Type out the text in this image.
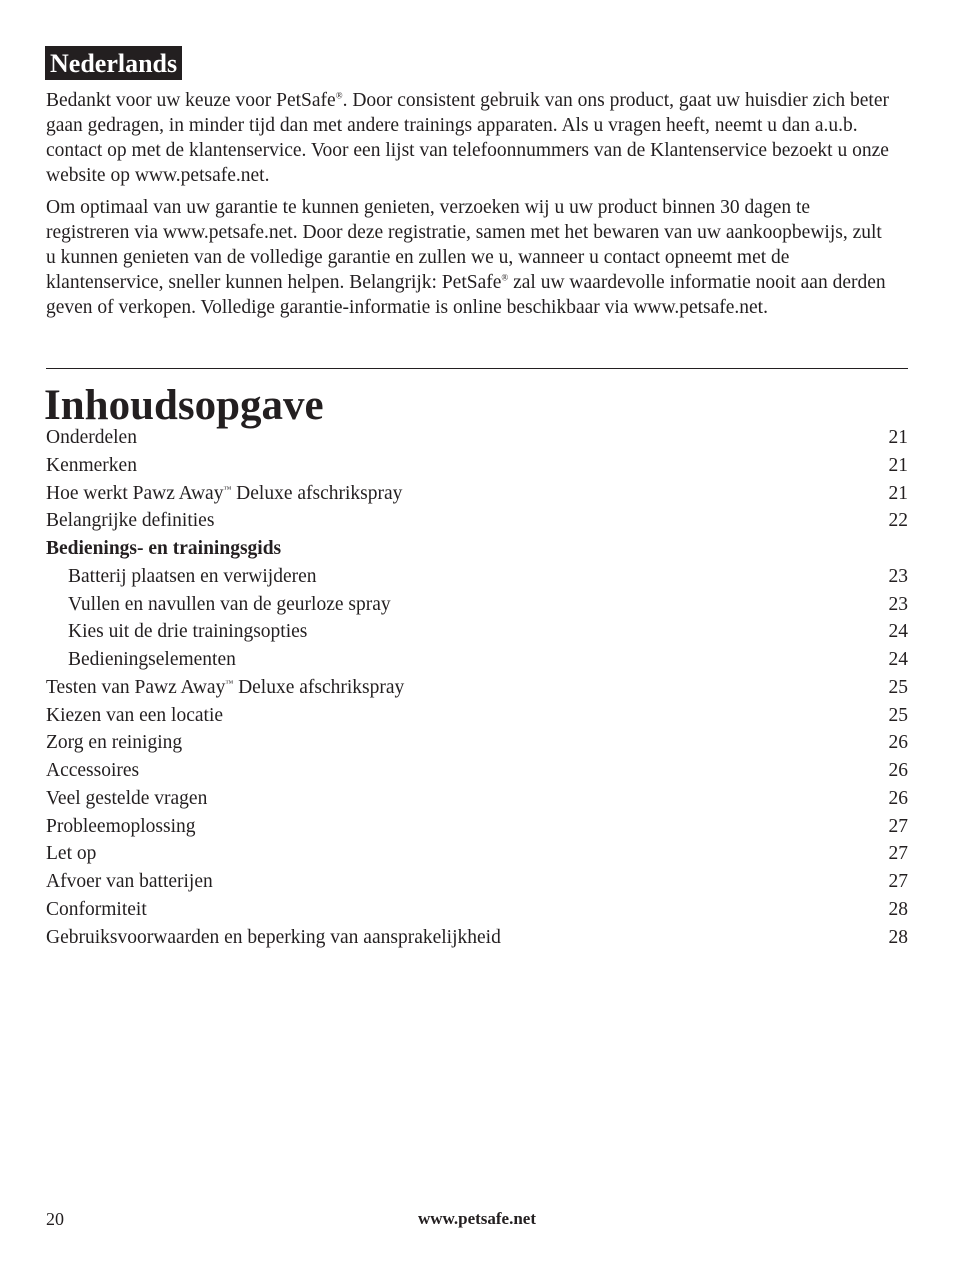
Nederlands

Bedankt voor uw keuze voor PetSafe®. Door consistent gebruik van ons product, gaat uw huisdier zich beter gaan gedragen, in minder tijd dan met andere trainings apparaten. Als u vragen heeft, neemt u dan a.u.b. contact op met de klantenservice. Voor een lijst van telefoonnummers van de Klantenservice bezoekt u onze website op www.petsafe.net.

Om optimaal van uw garantie te kunnen genieten, verzoeken wij u uw product binnen 30 dagen te registreren via www.petsafe.net. Door deze registratie, samen met het bewaren van uw aankoopbewijs, zult u kunnen genieten van de volledige garantie en zullen we u, wanneer u contact opneemt met de klantenservice, sneller kunnen helpen. Belangrijk: PetSafe® zal uw waardevolle informatie nooit aan derden geven of verkopen. Volledige garantie-informatie is online beschikbaar via www.petsafe.net.

Inhoudsopgave
Onderdelen	21
Kenmerken	21
Hoe werkt Pawz Away™ Deluxe afschrikspray	21
Belangrijke definities	22
Bedienings- en trainingsgids
Batterij plaatsen en verwijderen	23
Vullen en navullen van de geurloze spray	23
Kies uit de drie trainingsopties	24
Bedieningselementen	24
Testen van Pawz Away™ Deluxe afschrikspray	25
Kiezen van een locatie	25
Zorg en reiniging	26
Accessoires	26
Veel gestelde vragen	26
Probleemoplossing	27
Let op	27
Afvoer van batterijen	27
Conformiteit	28
Gebruiksvoorwaarden en beperking van aansprakelijkheid	28
20	www.petsafe.net
